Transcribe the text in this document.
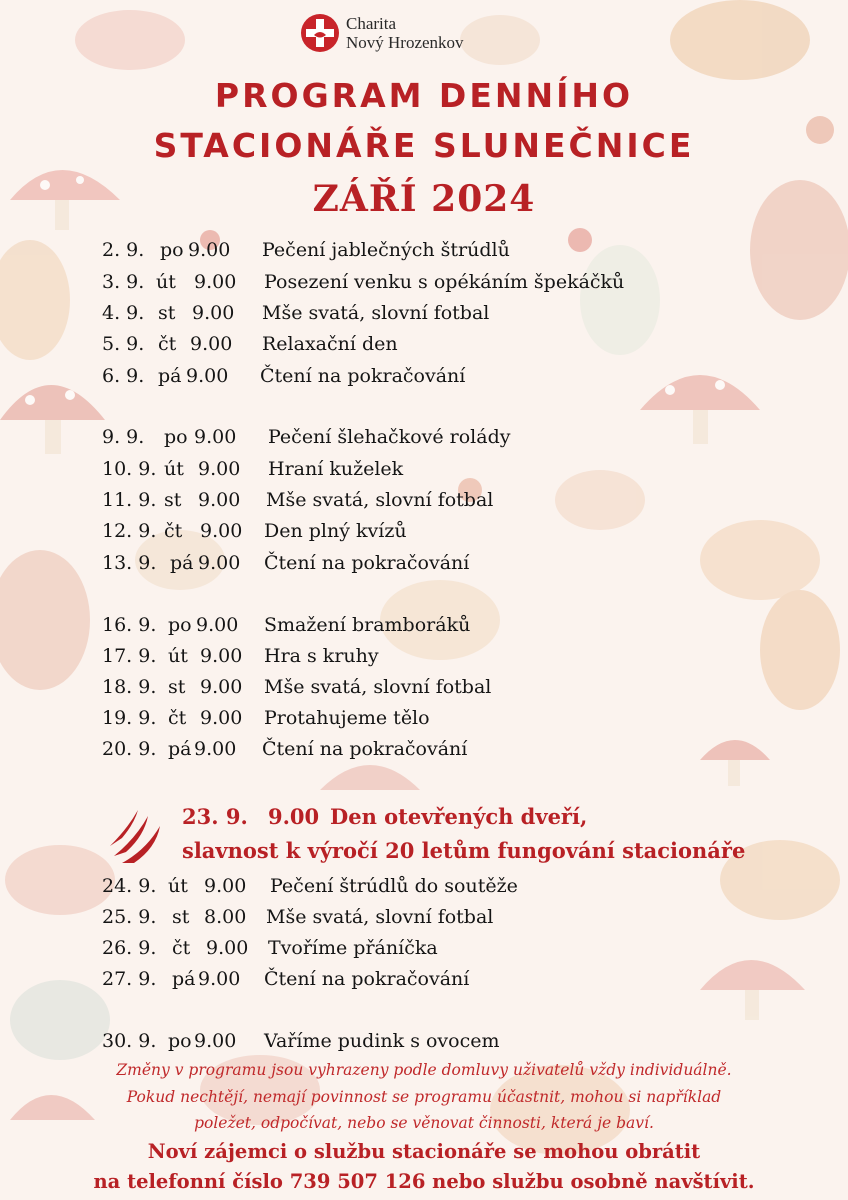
Charita
Nový Hrozenkov
PROGRAM DENNÍHO
STACIONÁŘE SLUNEČNICE
ZÁŘÍ 2024
2. 9. po 9.00 Pečení jablečných štrúdlů
3. 9. út 9.00 Posezení venku s opékáním špekáčků
4. 9. st 9.00 Mše svatá, slovní fotbal
5. 9. čt 9.00 Relaxační den
6. 9. pá 9.00 Čtení na pokračování
9. 9. po 9.00 Pečení šlehačkové rolády
10. 9. út 9.00 Hraní kuželek
11. 9. st 9.00 Mše svatá, slovní fotbal
12. 9. čt 9.00 Den plný kvízů
13. 9. pá 9.00 Čtení na pokračování
16. 9. po 9.00 Smažení bramboráků
17. 9. út 9.00 Hra s kruhy
18. 9. st 9.00 Mše svatá, slovní fotbal
19. 9. čt 9.00 Protahujeme tělo
20. 9. pá 9.00 Čtení na pokračování
23. 9. 9.00 Den otevřených dveří,
slavnost k výročí 20 letům fungování stacionáře
24. 9. út 9.00 Pečení štrúdlů do soutěže
25. 9. st 8.00 Mše svatá, slovní fotbal
26. 9. čt 9.00 Tvoříme přáníčka
27. 9. pá 9.00 Čtení na pokračování
30. 9. po 9.00 Vaříme pudink s ovocem
Změny v programu jsou vyhrazeny podle domluvy uživatelů vždy individuálně.
Pokud nechtějí, nemají povinnost se programu účastnit, mohou si například
poležet, odpočívat, nebo se věnovat činnosti, která je baví.
Noví zájemci o službu stacionáře se mohou obrátit
na telefonní číslo 739 507 126 nebo službu osobně navštívit.
